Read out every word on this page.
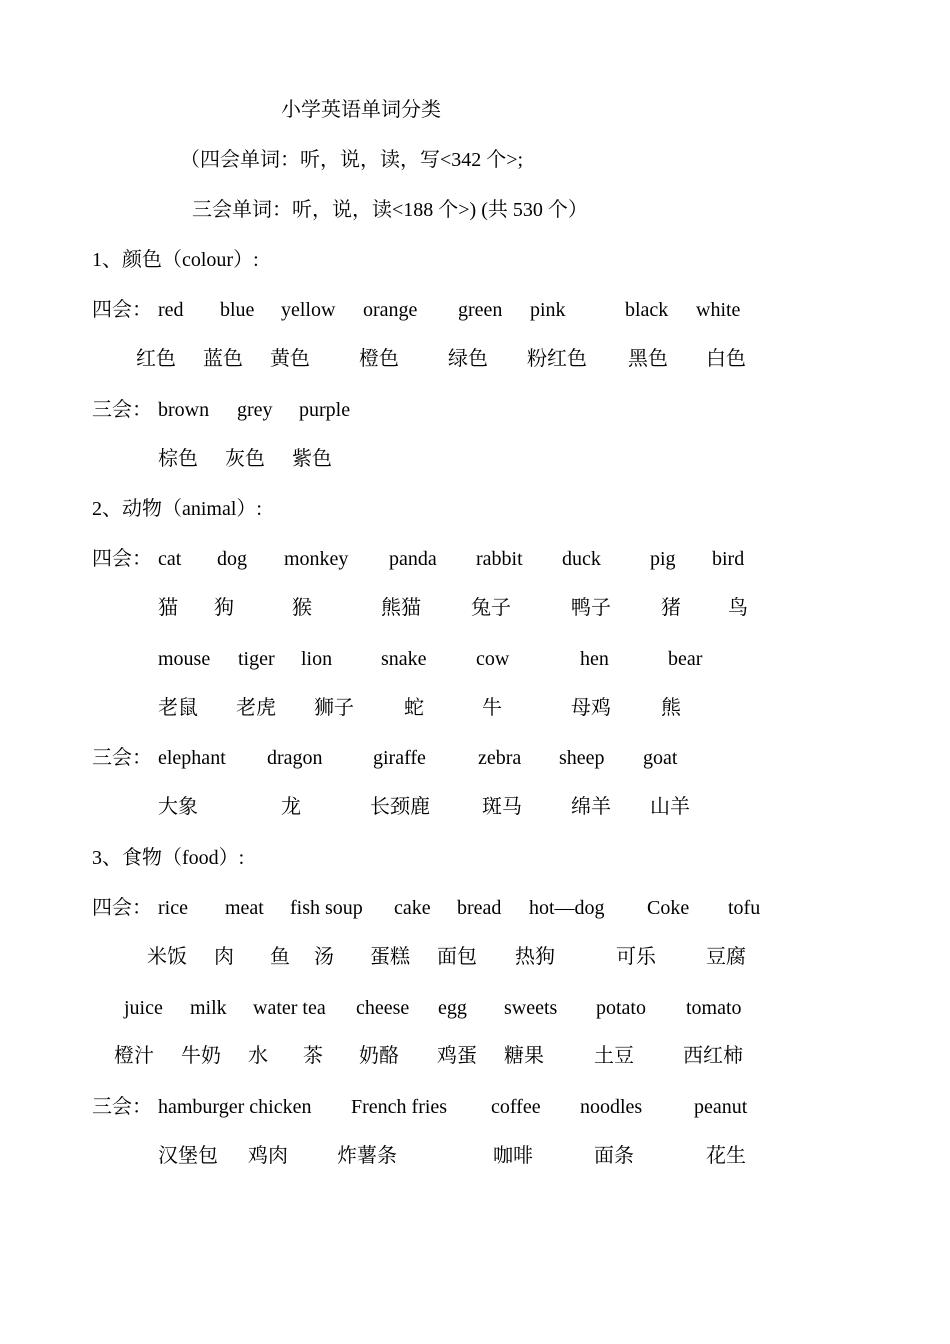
小学英语单词分类
（四会单词：听，说，读，写<342 个>;
三会单词：听，说，读<188 个>) (共 530 个）
1、颜色（colour）:
四会： red blue yellow orange green pink	black white
红色 蓝色 黄色 橙色 绿色 粉红色 黑色 白色
三会： brown grey purple
棕色 灰色 紫色
2、动物（animal）:
四会： cat dog monkey panda rabbit duck pig bird
猫 狗	猴	熊猫	兔子	鸭子	猪 鸟
mouse tiger lion snake cow	hen	bear
老鼠 老虎 狮子	蛇	牛	母鸡	熊
三会： elephant dragon	giraffe	zebra sheep goat
大象	龙	长颈鹿	斑马 绵羊 山羊
3、食物（food）:
四会： rice meat fish soup cake bread hot—dog Coke tofu
米饭 肉 鱼 汤 蛋糕 面包 热狗	可乐	豆腐
juice milk water tea cheese egg sweets potato tomato
橙汁 牛奶 水 茶 奶酪 鸡蛋 糖果	土豆 西红柿
三会： hamburger chicken French fries coffee noodles	peanut
汉堡包 鸡肉 炸薯条	咖啡	面条	花生
